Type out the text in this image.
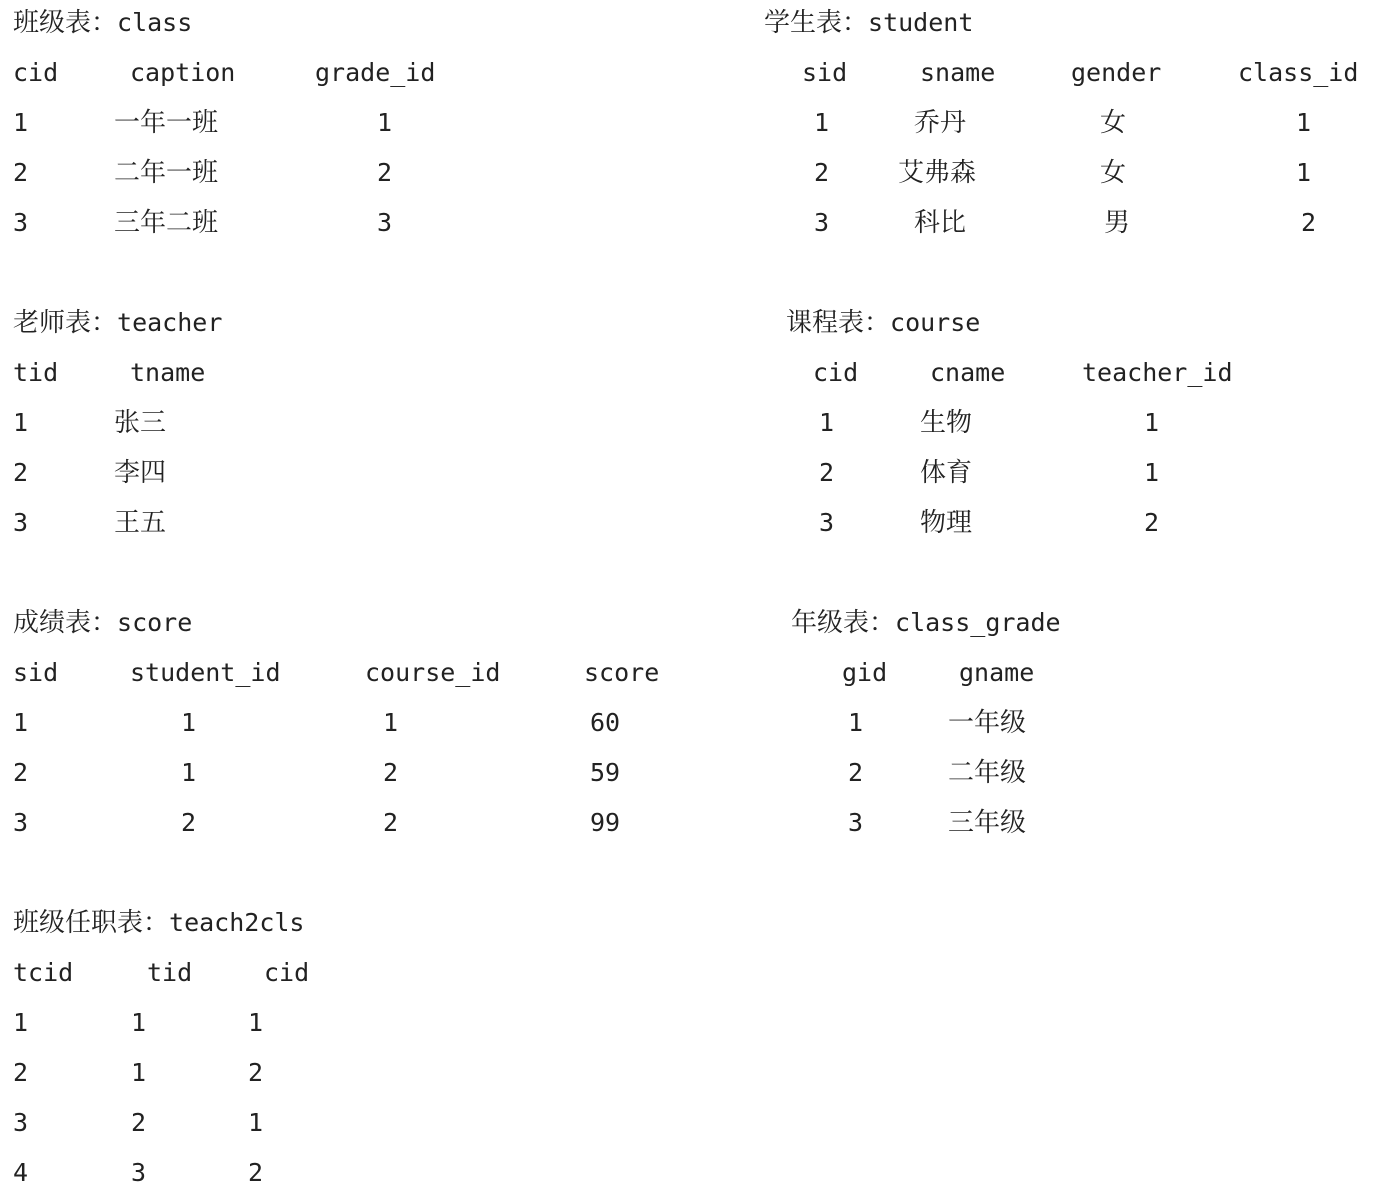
班级表：class
cid	caption	grade_id
1	一年一班	1
2	二年一班	2
3	三年二班	3
学生表：student
sid	sname	gender	class_id
1	乔丹	女	1
2	艾弗森	女	1
3	科比	男	2
老师表：teacher
tid	tname
1	张三
2	李四
3	王五
课程表：course
cid	cname	teacher_id
1	生物	1
2	体育	1
3	物理	2
成绩表：score
sid	student_id	course_id	score
1	1	1	60
2	1	2	59
3	2	2	99
年级表：class_grade
gid	gname
1	一年级
2	二年级
3	三年级
班级任职表：teach2cls
tcid	tid	cid
1	1	1
2	1	2
3	2	1
4	3	2
